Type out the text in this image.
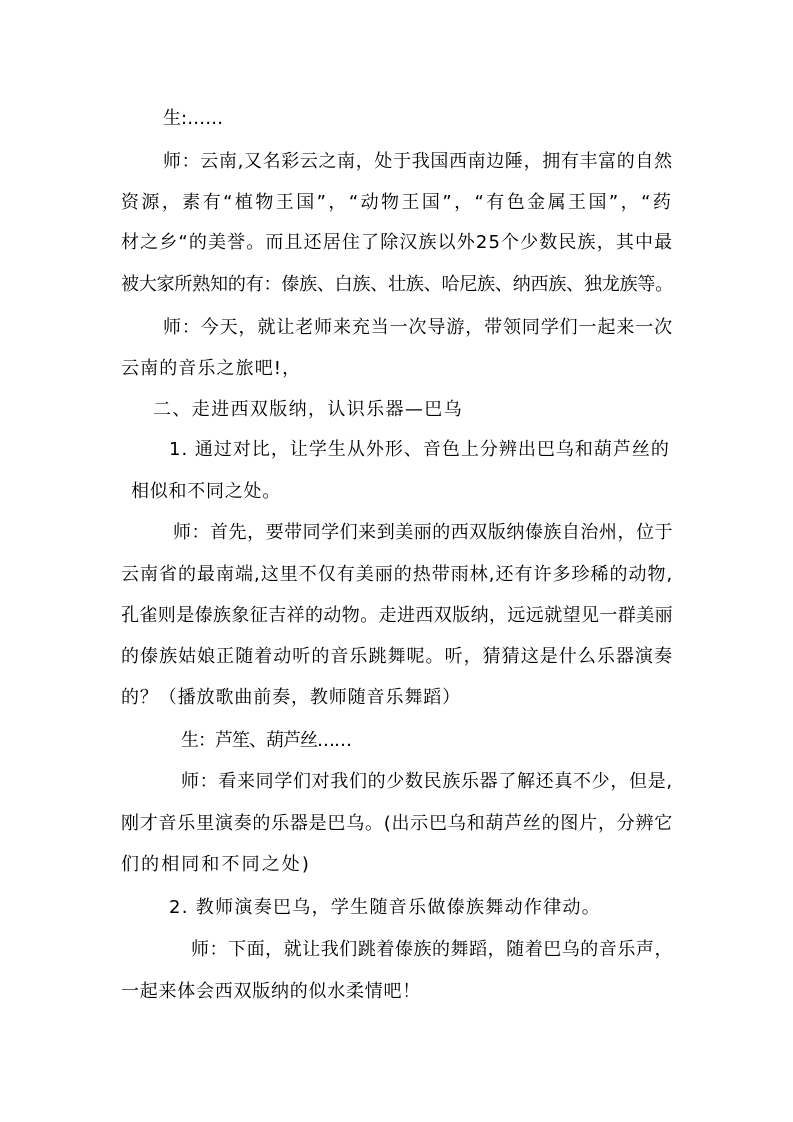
生:……
师：云南,又名彩云之南，处于我国西南边陲，拥有丰富的自然
资源，素有“植物王国”，“动物王国”，“有色金属王国”，“药
材之乡“的美誉。而且还居住了除汉族以外25个少数民族，其中最
被大家所熟知的有：傣族、白族、壮族、哈尼族、纳西族、独龙族等。
师：今天，就让老师来充当一次导游，带领同学们一起来一次
云南的音乐之旅吧!，
二、走进西双版纳，认识乐器—巴乌
1. 通过对比，让学生从外形、音色上分辨出巴乌和葫芦丝的
相似和不同之处。
师：首先，要带同学们来到美丽的西双版纳傣族自治州，位于
云南省的最南端,这里不仅有美丽的热带雨林,还有许多珍稀的动物,
孔雀则是傣族象征吉祥的动物。走进西双版纳，远远就望见一群美丽
的傣族姑娘正随着动听的音乐跳舞呢。听，猜猜这是什么乐器演奏
的？（播放歌曲前奏，教师随音乐舞蹈）
生：芦笙、葫芦丝……
师：看来同学们对我们的少数民族乐器了解还真不少，但是,
刚才音乐里演奏的乐器是巴乌。(出示巴乌和葫芦丝的图片，分辨它
们的相同和不同之处)
2. 教师演奏巴乌，学生随音乐做傣族舞动作律动。
师：下面，就让我们跳着傣族的舞蹈，随着巴乌的音乐声，
一起来体会西双版纳的似水柔情吧！
